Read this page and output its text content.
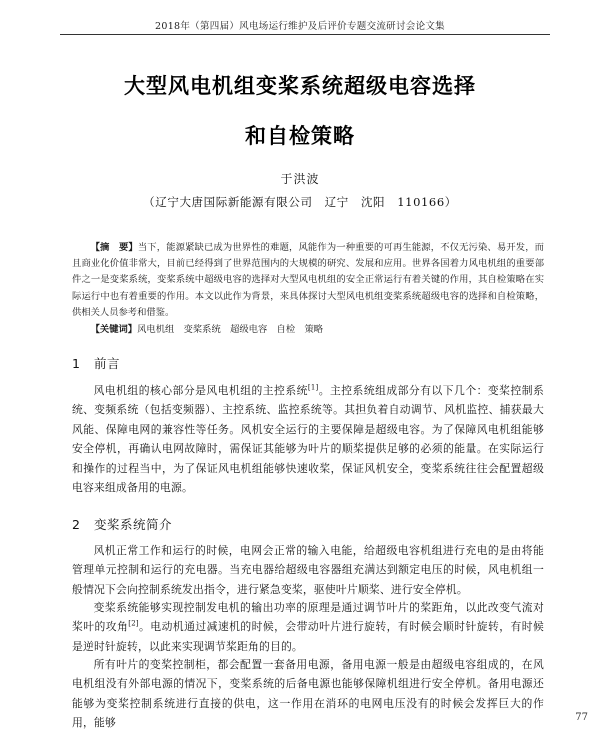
2018年（第四届）风电场运行维护及后评价专题交流研讨会论文集
大型风电机组变桨系统超级电容选择
和自检策略
于洪波
（辽宁大唐国际新能源有限公司　辽宁　沈阳　110166）
【摘　要】当下，能源紧缺已成为世界性的难题，风能作为一种重要的可再生能源，不仅无污染、易开发，而且商业化价值非常大，目前已经得到了世界范围内的大规模的研究、发展和应用。世界各国着力风电机组的重要部件之一是变桨系统，变桨系统中超级电容的选择对大型风电机组的安全正常运行有着关键的作用，其自检策略在实际运行中也有着重要的作用。本文以此作为背景，来具体探讨大型风电机组变桨系统超级电容的选择和自检策略，供相关人员参考和借鉴。
【关键词】风电机组　变桨系统　超级电容　自检　策略
1 前言
风电机组的核心部分是风电机组的主控系统[1]。主控系统组成部分有以下几个：变桨控制系统、变频系统（包括变频器）、主控系统、监控系统等。其担负着自动调节、风机监控、捕获最大风能、保障电网的兼容性等任务。风机安全运行的主要保障是超级电容。为了保障风电机组能够安全停机，再确认电网故障时，需保证其能够为叶片的顺桨提供足够的必须的能量。在实际运行和操作的过程当中，为了保证风电机组能够快速收桨，保证风机安全，变桨系统往往会配置超级电容来组成备用的电源。
2 变桨系统简介
风机正常工作和运行的时候，电网会正常的输入电能，给超级电容机组进行充电的是由将能管理单元控制和运行的充电器。当充电器给超级电容器组充满达到额定电压的时候，风电机组一般情况下会向控制系统发出指令，进行紧急变桨，驱使叶片顺桨、进行安全停机。
变桨系统能够实现控制发电机的输出功率的原理是通过调节叶片的桨距角，以此改变气流对桨叶的攻角[2]。电动机通过减速机的时候，会带动叶片进行旋转，有时候会顺时针旋转，有时候是逆时针旋转，以此来实现调节桨距角的目的。
所有叶片的变桨控制柜，都会配置一套备用电源，备用电源一般是由超级电容组成的，在风电机组没有外部电源的情况下，变桨系统的后备电源也能够保障机组进行安全停机。备用电源还能够为变桨控制系统进行直接的供电，这一作用在消环的电网电压没有的时候会发挥巨大的作用，能够	77
